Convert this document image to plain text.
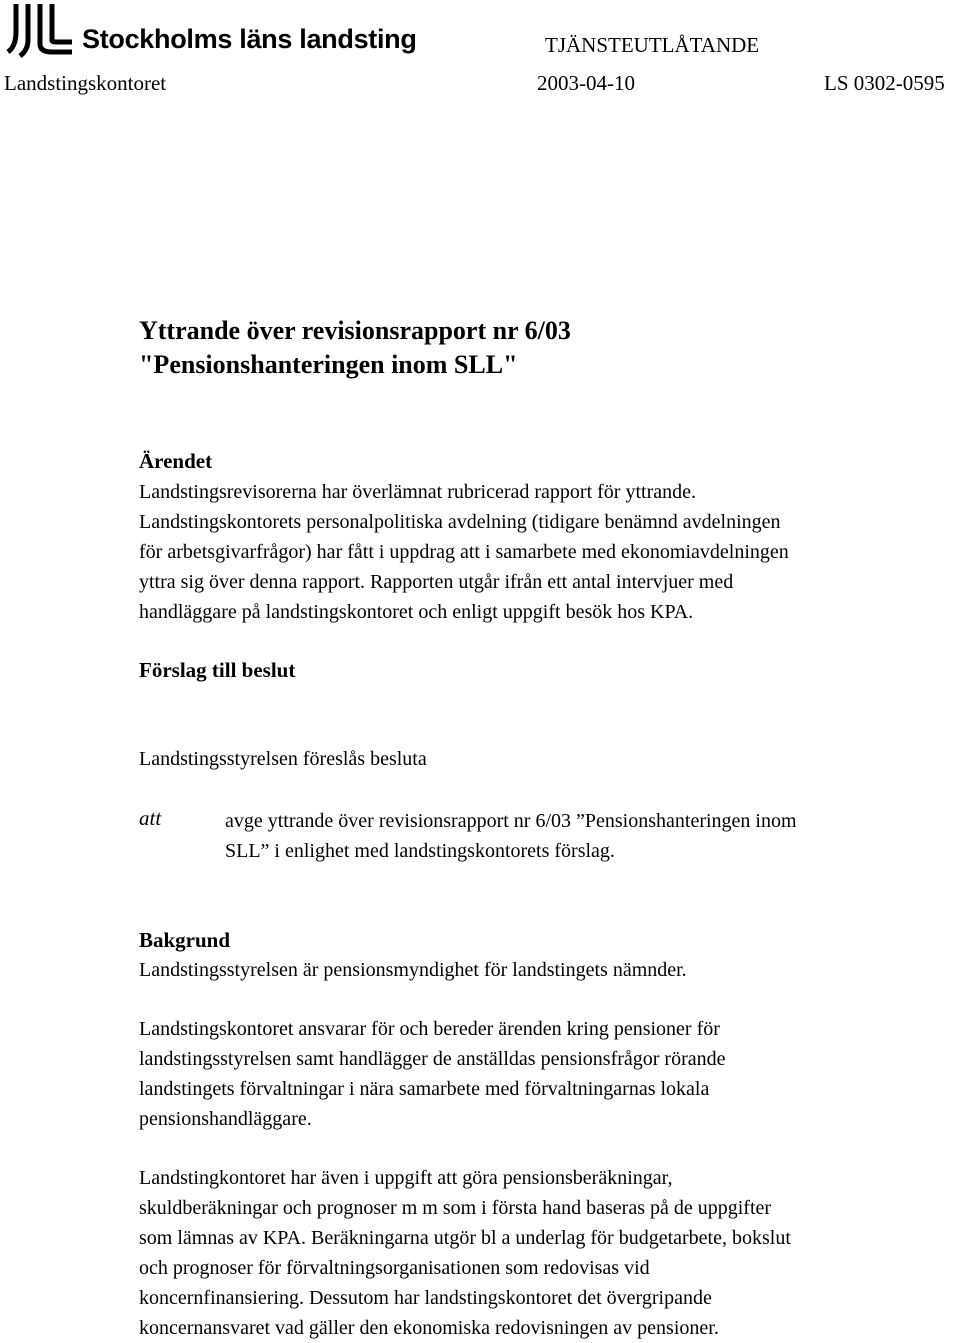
Stockholms läns landsting	TJÄNSTEUTLÅTANDE
Landstingskontoret	2003-04-10	LS 0302-0595
Yttrande över revisionsrapport nr 6/03
"Pensionshanteringen inom SLL"
Ärendet
Landstingsrevisorerna har överlämnat rubricerad rapport för yttrande.
Landstingskontorets personalpolitiska avdelning (tidigare benämnd avdelningen
för arbetsgivarfrågor) har fått i uppdrag att i samarbete med ekonomiavdelningen
yttra sig över denna rapport. Rapporten utgår ifrån ett antal intervjuer med
handläggare på landstingskontoret och enligt uppgift besök hos KPA.
Förslag till beslut
Landstingsstyrelsen föreslås besluta
att	avge yttrande över revisionsrapport nr 6/03 ”Pensionshanteringen inom
SLL” i enlighet med landstingskontorets förslag.
Bakgrund
Landstingsstyrelsen är pensionsmyndighet för landstingets nämnder.
Landstingskontoret ansvarar för och bereder ärenden kring pensioner för
landstingsstyrelsen samt handlägger de anställdas pensionsfrågor rörande
landstingets förvaltningar i nära samarbete med förvaltningarnas lokala
pensionshandläggare.
Landstingkontoret har även i uppgift att göra pensionsberäkningar,
skuldberäkningar och prognoser m m som i första hand baseras på de uppgifter
som lämnas av KPA. Beräkningarna utgör bl a underlag för budgetarbete, bokslut
och prognoser för förvaltningsorganisationen som redovisas vid
koncernfinansiering. Dessutom har landstingskontoret det övergripande
koncernansvaret vad gäller den ekonomiska redovisningen av pensioner.
